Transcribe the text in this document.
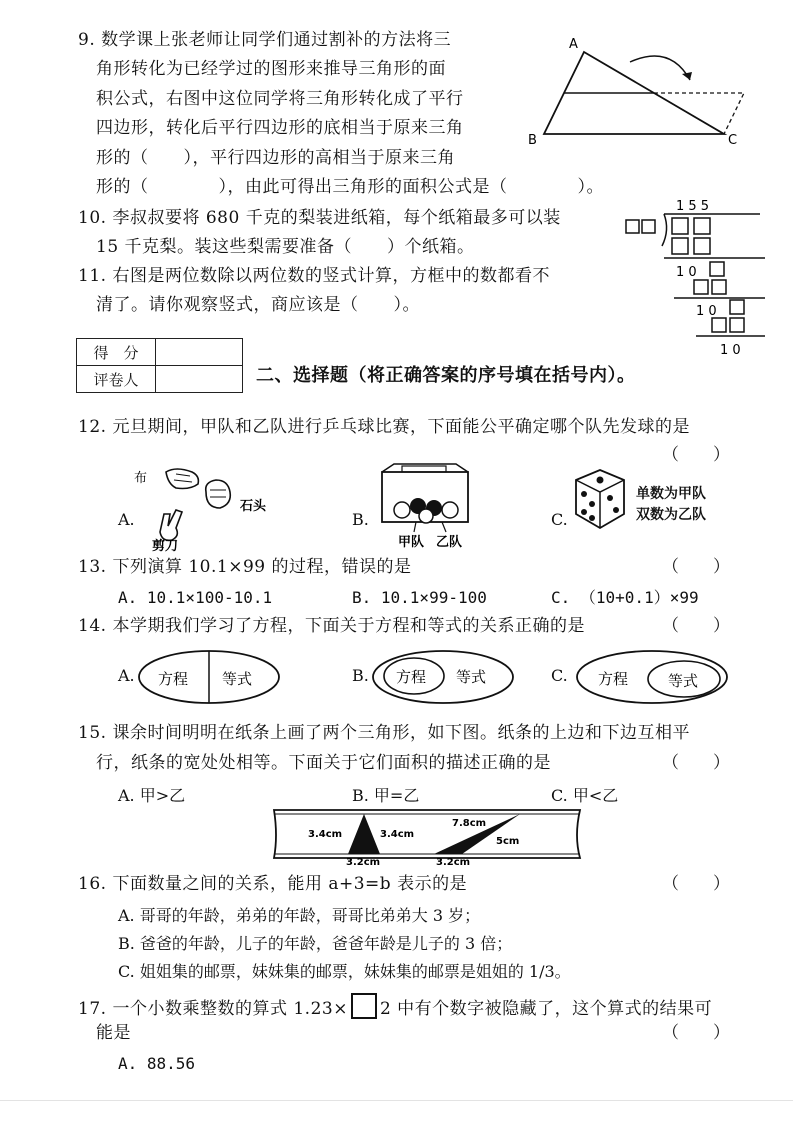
9. 数学课上张老师让同学们通过割补的方法将三
角形转化为已经学过的图形来推导三角形的面
积公式，右图中这位同学将三角形转化成了平行
四边形，转化后平行四边形的底相当于原来三角
形的（　　），平行四边形的高相当于原来三角
形的（　　　　），由此可得出三角形的面积公式是（　　　　）。
A
B	C
10. 李叔叔要将 680 千克的梨装进纸箱，每个纸箱最多可以装
15 千克梨。装这些梨需要准备（　　）个纸箱。
11. 右图是两位数除以两位数的竖式计算，方框中的数都看不
清了。请你观察竖式，商应该是（　　）。
1 5 5
1 0
1 0
1 0
得　分	
评卷人		二、选择题（将正确答案的序号填在括号内）。
12. 元旦期间，甲队和乙队进行乒乓球比赛，下面能公平确定哪个队先发球的是
（　　）
A.
布
石头
剪刀
B.
甲队 乙队
C.
单数为甲队
双数为乙队
13. 下列演算 10.1×99 的过程，错误的是	（　　）
A. 10.1×100-10.1	B. 10.1×99-100	C. （10+0.1）×99
14. 本学期我们学习了方程，下面关于方程和等式的关系正确的是	（　　）
A. 方程 等式	B. 方程 等式	C. 方程	等式
15. 课余时间明明在纸条上画了两个三角形，如下图。纸条的上边和下边互相平
行，纸条的宽处处相等。下面关于它们面积的描述正确的是	（　　）
A. 甲>乙	B. 甲=乙	C. 甲<乙
3.4cm	3.4cm
3.2cm
7.8cm
5cm
3.2cm
16. 下面数量之间的关系，能用 a+3=b 表示的是	（　　）
A. 哥哥的年龄，弟弟的年龄，哥哥比弟弟大 3 岁；
B. 爸爸的年龄，儿子的年龄，爸爸年龄是儿子的 3 倍；
C. 姐姐集的邮票，妹妹集的邮票，妹妹集的邮票是姐姐的 1/3。
17. 一个小数乘整数的算式 1.23× 2 中有个数字被隐藏了，这个算式的结果可
能是	（　　）
A. 88.56
